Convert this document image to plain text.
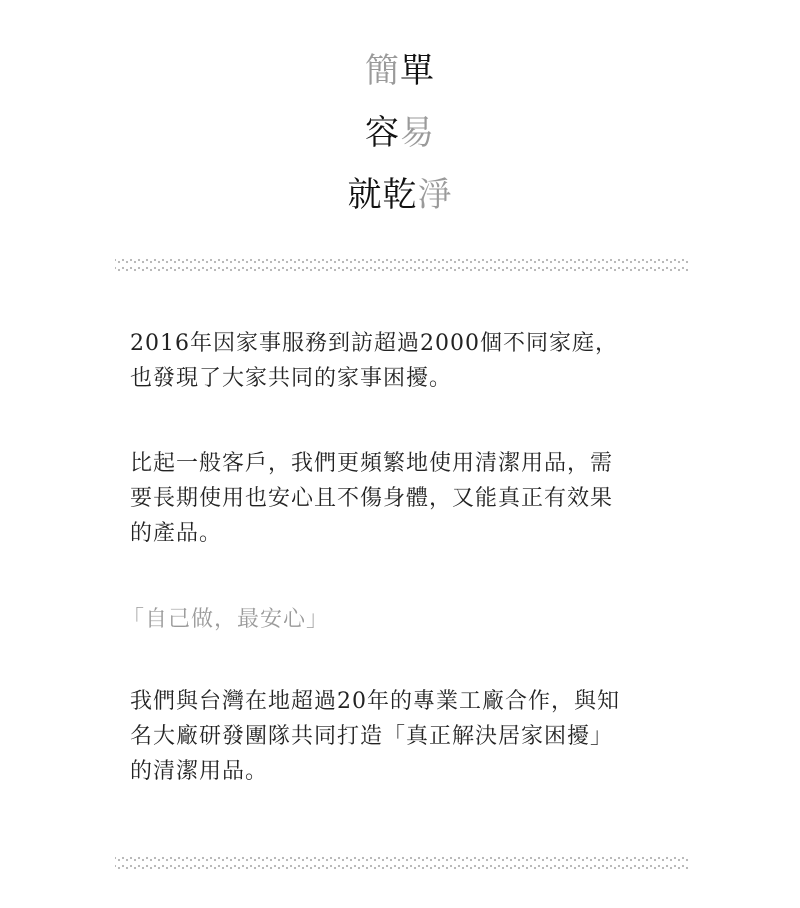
簡單
容易
就乾淨
2016年因家事服務到訪超過2000個不同家庭，
也發現了大家共同的家事困擾。
比起一般客戶，我們更頻繁地使用清潔用品，需
要長期使用也安心且不傷身體，又能真正有效果
的產品。
「自己做，最安心」
我們與台灣在地超過20年的專業工廠合作，與知
名大廠研發團隊共同打造「真正解決居家困擾」
的清潔用品。
